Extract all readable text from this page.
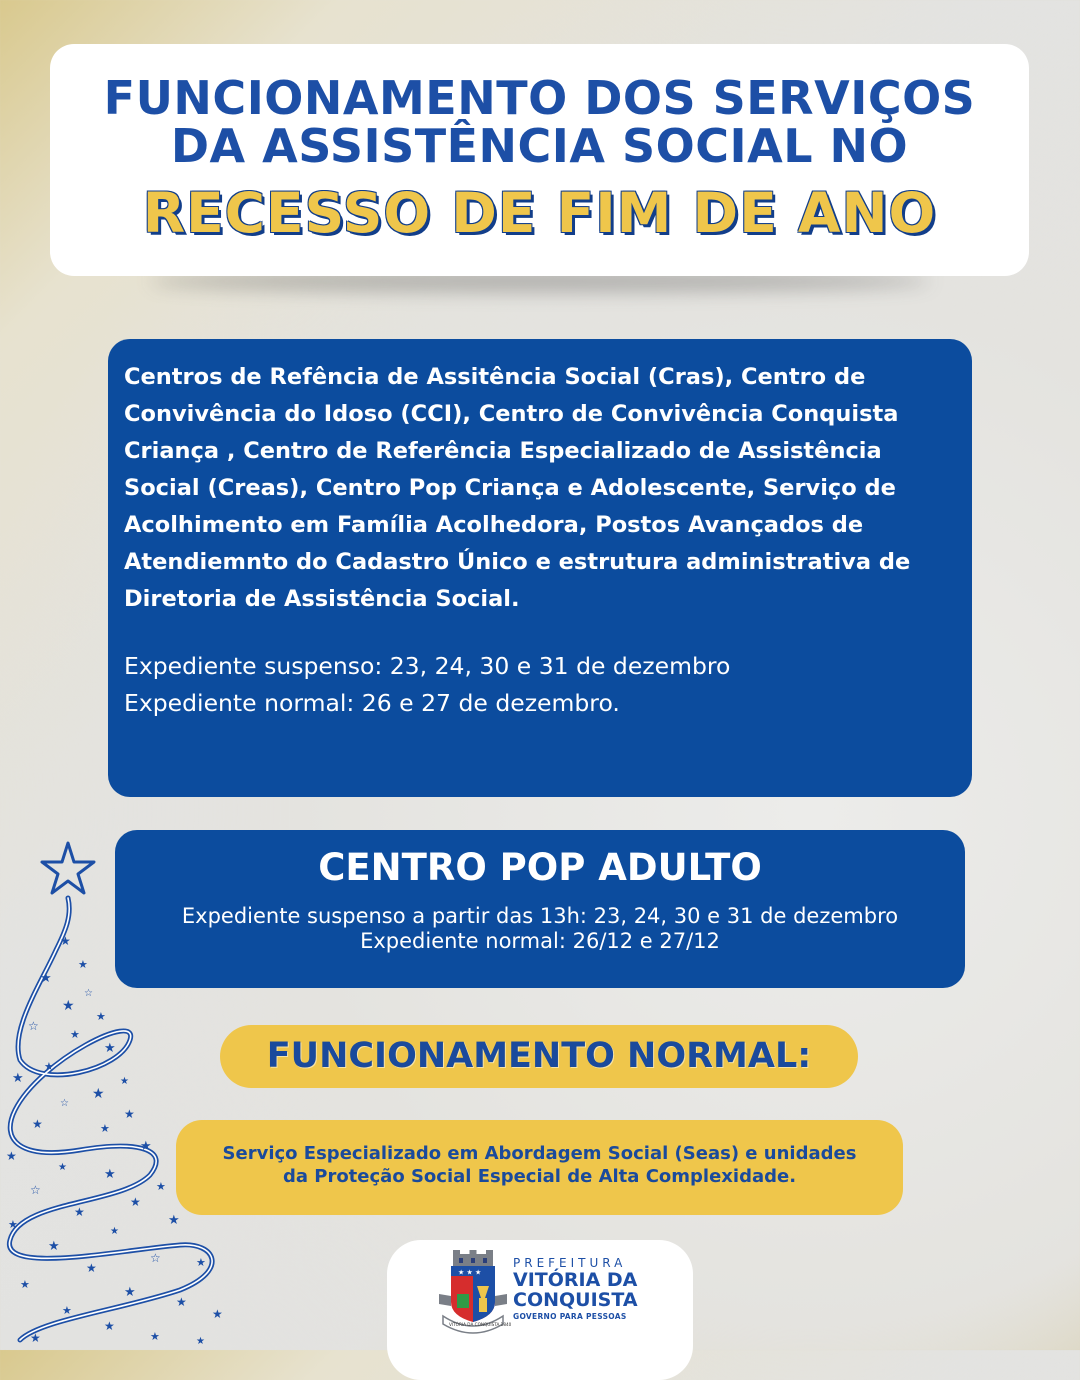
★
★
★
☆
★
★
☆
★
★
★
★	★
★
☆
★
★	★
★
★
★	★
★
☆
★
★
★
★
★
★
☆	★
★
★
★
★
★	★
★
★
★	★
FUNCIONAMENTO DOS SERVIÇOS
DA ASSISTÊNCIA SOCIAL NO
RECESSO DE FIM DE ANO

Centros de Refência de Assitência Social (Cras), Centro de Convivência do Idoso (CCI), Centro de Convivência Conquista Criança , Centro de Referência Especializado de Assistência Social (Creas), Centro Pop Criança e Adolescente, Serviço de Acolhimento em Família Acolhedora, Postos Avançados de Atendiemnto do Cadastro Único e estrutura administrativa de Diretoria de Assistência Social.

Expediente suspenso: 23, 24, 30 e 31 de dezembro
Expediente normal: 26 e 27 de dezembro.
CENTRO POP ADULTO
Expediente suspenso a partir das 13h: 23, 24, 30 e 31 de dezembro
Expediente normal: 26/12 e 27/12
FUNCIONAMENTO NORMAL:
Serviço Especializado em Abordagem Social (Seas) e unidades
da Proteção Social Especial de Alta Complexidade.
★ ★ ★
VITÓRIA DA CONQUISTA 1840
PREFEITURA
VITÓRIA DA
CONQUISTA
GOVERNO PARA PESSOAS
